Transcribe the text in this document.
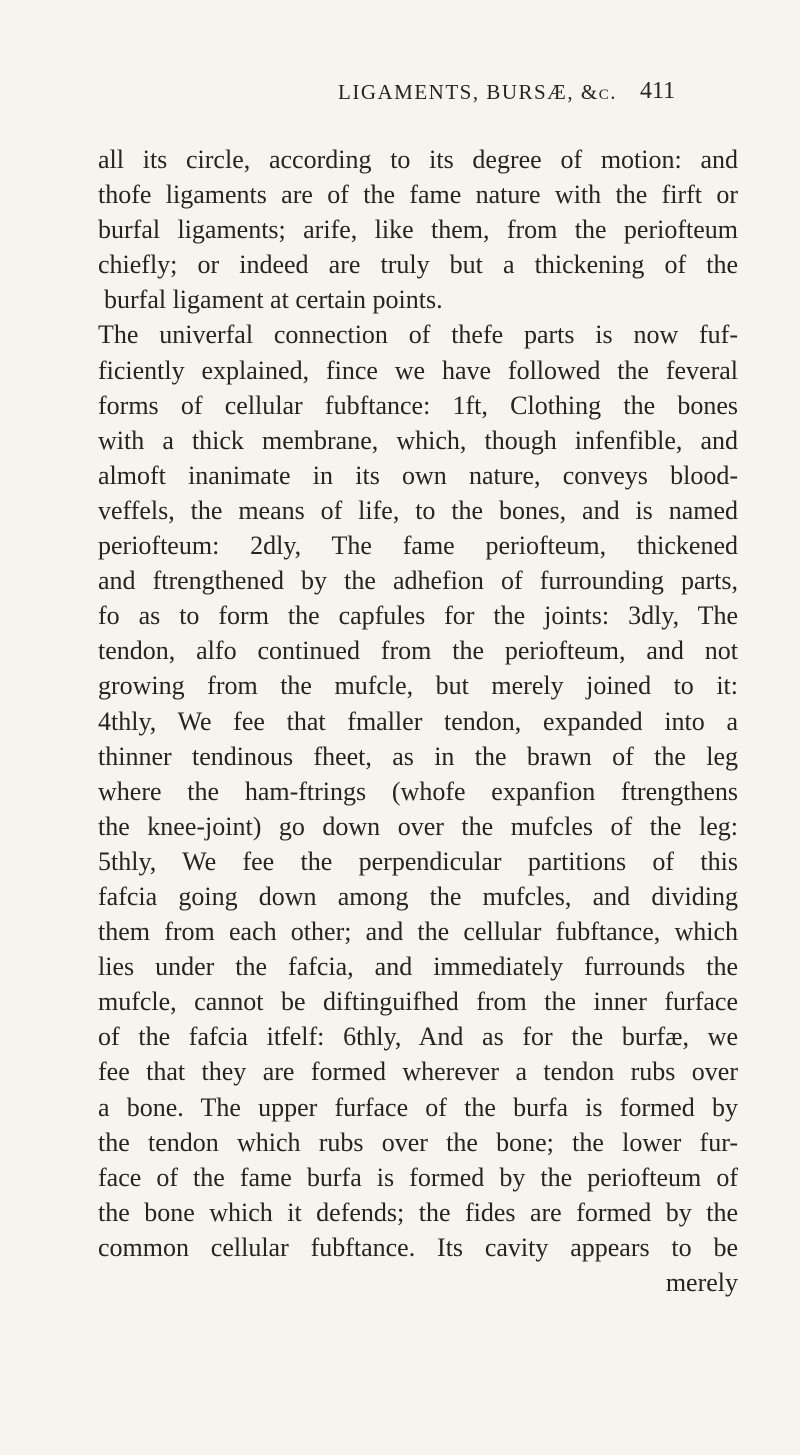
LIGAMENTS, BURSÆ, &c. 411
all its circle, according to its degree of motion: and
thofe ligaments are of the fame nature with the firft or
burfal ligaments; arife, like them, from the periofteum
chiefly; or indeed are truly but a thickening of the
burfal ligament at certain points.
The univerfal connection of thefe parts is now fuf-
ficiently explained, fince we have followed the feveral
forms of cellular fubftance: 1ft, Clothing the bones
with a thick membrane, which, though infenfible, and
almoft inanimate in its own nature, conveys blood-
veffels, the means of life, to the bones, and is named
periofteum: 2dly, The fame periofteum, thickened
and ftrengthened by the adhefion of furrounding parts,
fo as to form the capfules for the joints: 3dly, The
tendon, alfo continued from the periofteum, and not
growing from the mufcle, but merely joined to it:
4thly, We fee that fmaller tendon, expanded into a
thinner tendinous fheet, as in the brawn of the leg
where the ham-ftrings (whofe expanfion ftrengthens
the knee-joint) go down over the mufcles of the leg:
5thly, We fee the perpendicular partitions of this
fafcia going down among the mufcles, and dividing
them from each other; and the cellular fubftance, which
lies under the fafcia, and immediately furrounds the
mufcle, cannot be diftinguifhed from the inner furface
of the fafcia itfelf: 6thly, And as for the burfæ, we
fee that they are formed wherever a tendon rubs over
a bone. The upper furface of the burfa is formed by
the tendon which rubs over the bone; the lower fur-
face of the fame burfa is formed by the periofteum of
the bone which it defends; the fides are formed by the
common cellular fubftance. Its cavity appears to be
merely
